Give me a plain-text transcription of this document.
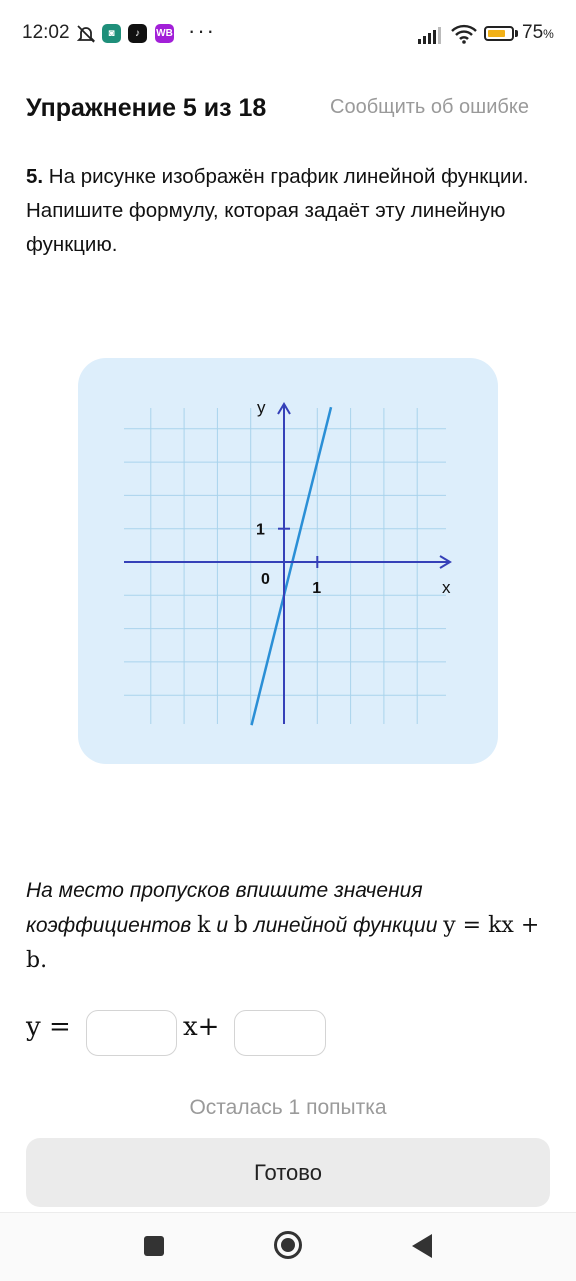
12:02	◙	♪	WB ···	75%
Упражнение 5 из 18	Сообщить об ошибке
5. На рисунке изображён график линейной функции. Напишите формулу, которая задаёт эту линейную функцию.
y
x
0
1
1
На место пропусков впишите значения коэффициентов k и b линейной функции y = kx + b.
y =	x+
Осталась 1 попытка
Готово
